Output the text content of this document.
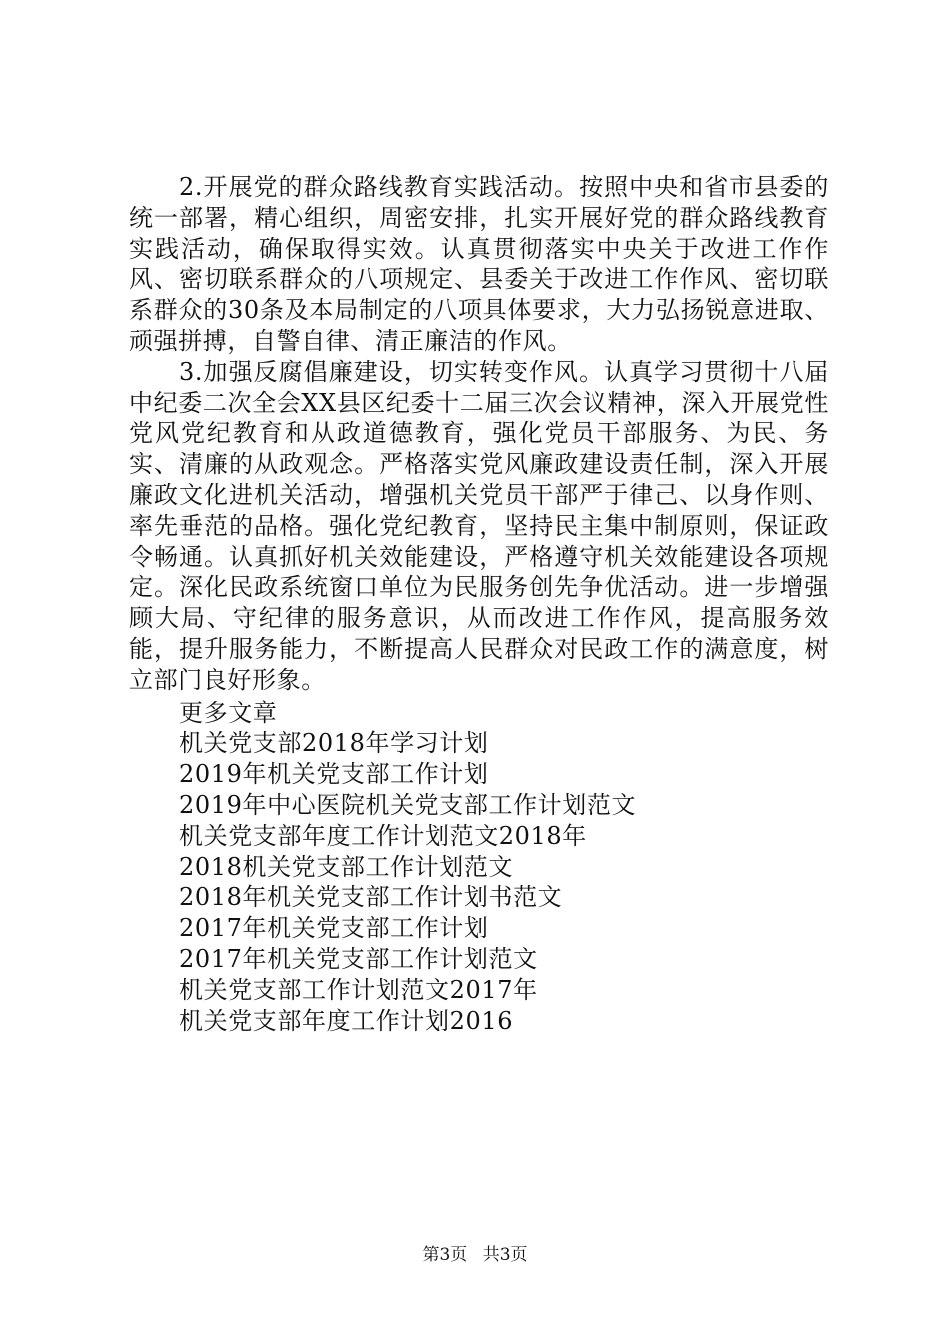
2.开展党的群众路线教育实践活动。按照中央和省市县委的统一部署，精心组织，周密安排，扎实开展好党的群众路线教育实践活动，确保取得实效。认真贯彻落实中央关于改进工作作风、密切联系群众的八项规定、县委关于改进工作作风、密切联系群众的30条及本局制定的八项具体要求，大力弘扬锐意进取、顽强拼搏，自警自律、清正廉洁的作风。

3.加强反腐倡廉建设，切实转变作风。认真学习贯彻十八届中纪委二次全会XX县区纪委十二届三次会议精神，深入开展党性党风党纪教育和从政道德教育，强化党员干部服务、为民、务实、清廉的从政观念。严格落实党风廉政建设责任制，深入开展廉政文化进机关活动，增强机关党员干部严于律己、以身作则、率先垂范的品格。强化党纪教育，坚持民主集中制原则，保证政令畅通。认真抓好机关效能建设，严格遵守机关效能建设各项规定。深化民政系统窗口单位为民服务创先争优活动。进一步增强顾大局、守纪律的服务意识，从而改进工作作风，提高服务效能，提升服务能力，不断提高人民群众对民政工作的满意度，树立部门良好形象。

更多文章
机关党支部2018年学习计划
2019年机关党支部工作计划
2019年中心医院机关党支部工作计划范文
机关党支部年度工作计划范文2018年
2018机关党支部工作计划范文
2018年机关党支部工作计划书范文
2017年机关党支部工作计划
2017年机关党支部工作计划范文
机关党支部工作计划范文2017年
机关党支部年度工作计划2016
第3页 共3页
